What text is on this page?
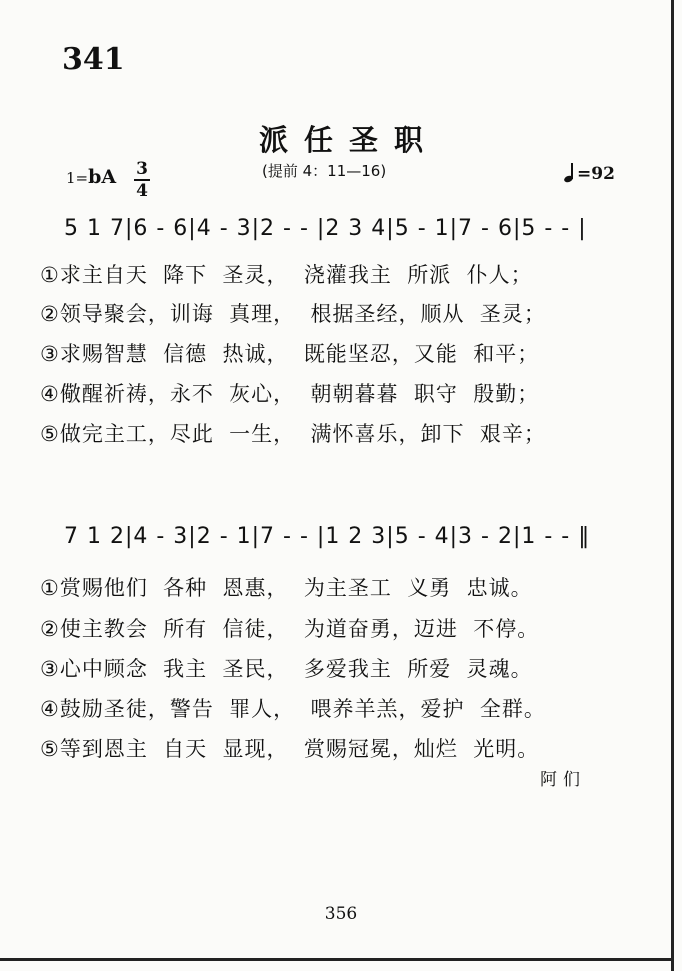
341
派任圣职
(提前 4：11—16)
1=bA 3
4
=92
5 1 7|6 - 6|4 - 3|2 - - |2 3 4|5 - 1|7 - 6|5 - - |
①求主自天  降下  圣灵，  浇灌我主  所派  仆人；
②领导聚会，训诲  真理，  根据圣经，顺从  圣灵；
③求赐智慧  信德  热诚，  既能坚忍，又能  和平；
④儆醒祈祷，永不  灰心，  朝朝暮暮  职守  殷勤；
⑤做完主工，尽此  一生，  满怀喜乐，卸下  艰辛；
7 1 2|4 - 3|2 - 1|7 - - |1 2 3|5 - 4|3 - 2|1 - - ‖
①赏赐他们  各种  恩惠，  为主圣工  义勇  忠诚。
②使主教会  所有  信徒，  为道奋勇，迈进  不停。
③心中顾念  我主  圣民，  多爱我主  所爱  灵魂。
④鼓励圣徒，警告  罪人，  喂养羊羔，爱护  全群。
⑤等到恩主  自天  显现，  赏赐冠冕，灿烂  光明。
阿们
356
